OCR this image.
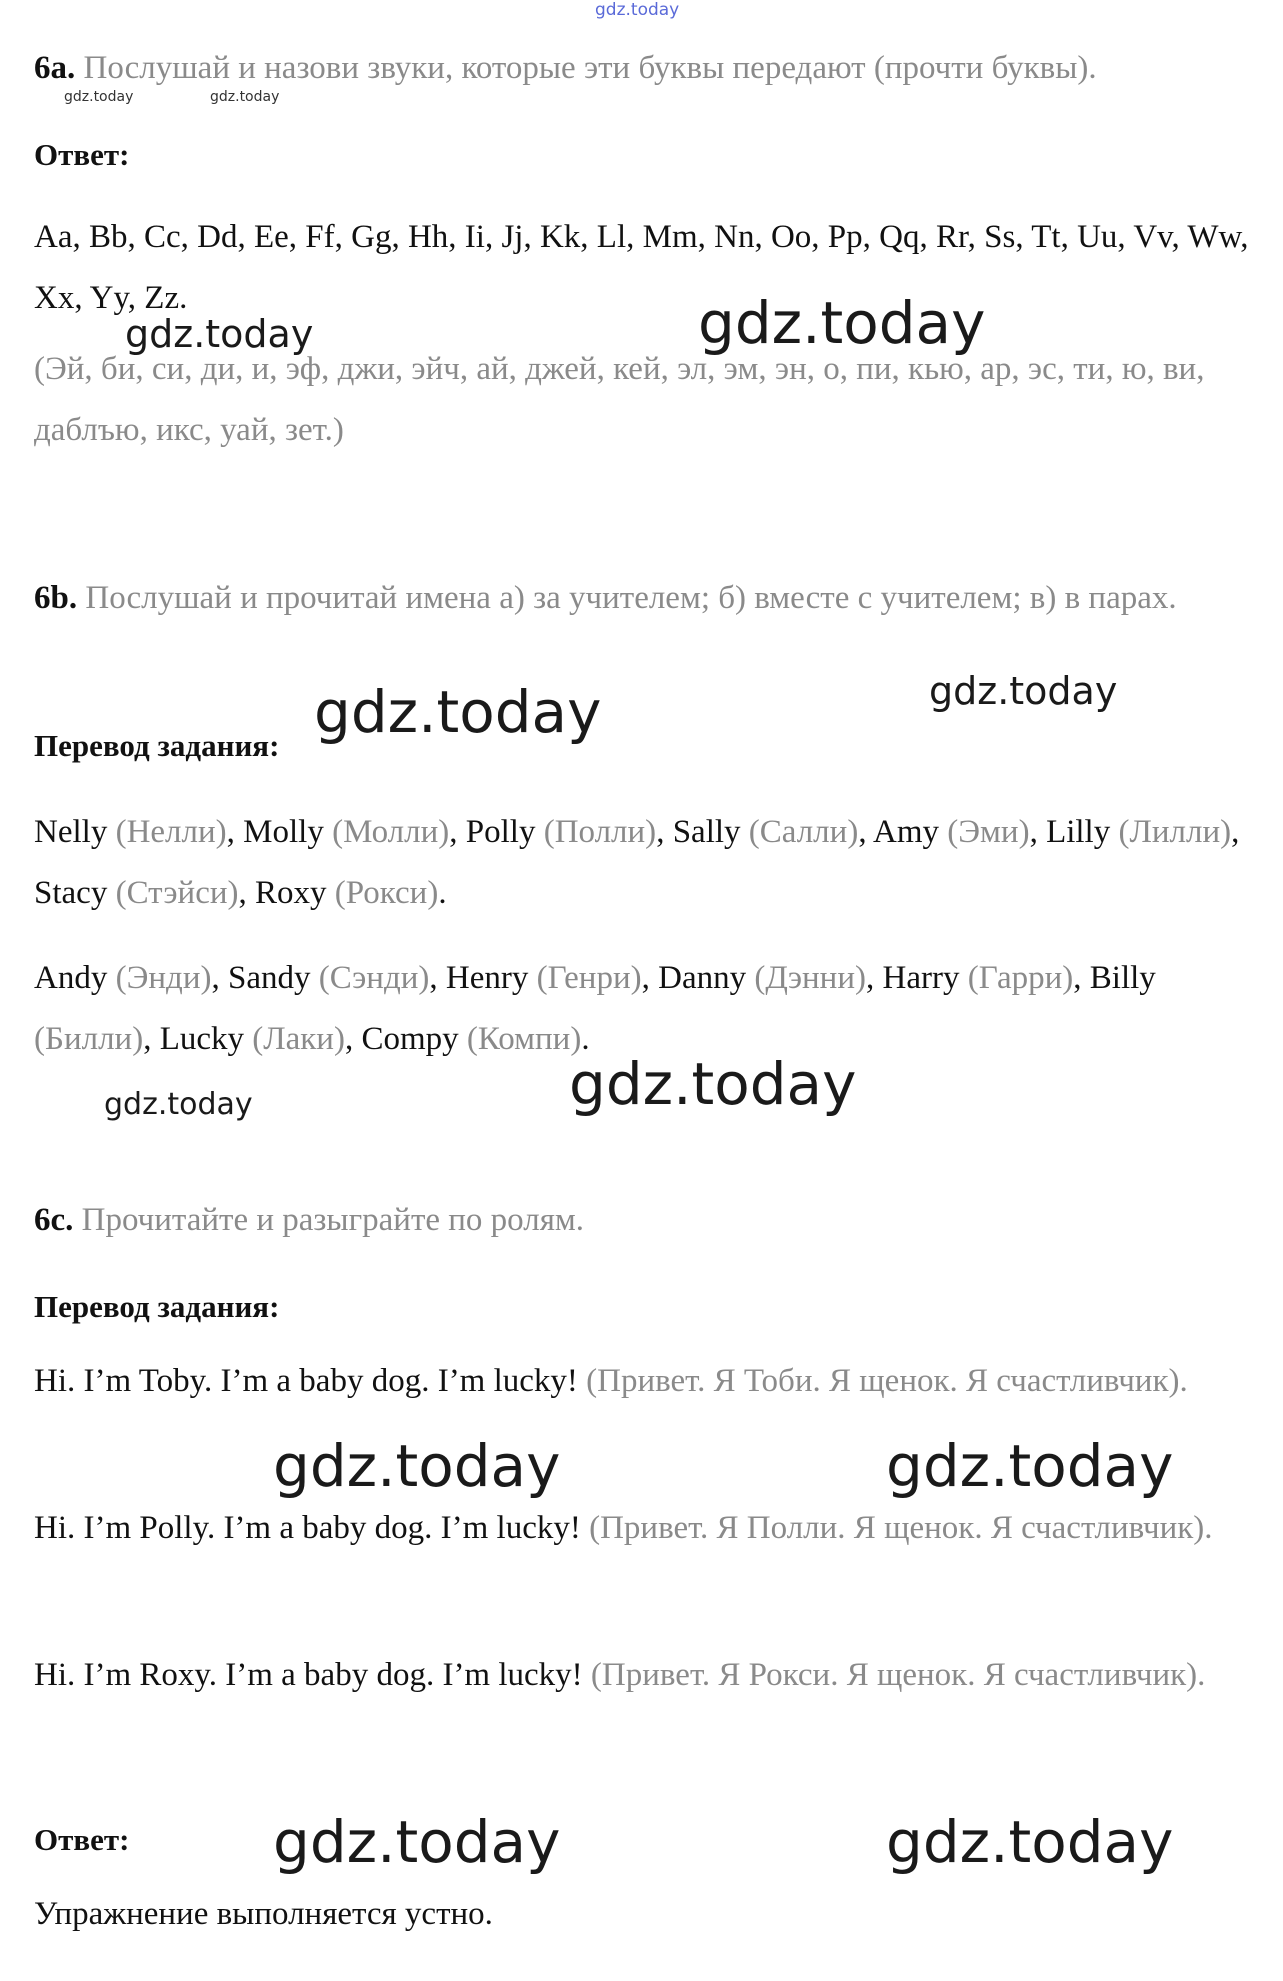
gdz.today
gdz.today	gdz.today
gdz.today	gdz.today
gdz.today	gdz.today
gdz.today
gdz.today
gdz.today	gdz.today
gdz.today	gdz.today

6a. Послушай и назови звуки, которые эти буквы передают (прочти буквы).

Ответ:

Aa, Bb, Cc, Dd, Ee, Ff, Gg, Hh, Ii, Jj, Kk, Ll, Mm, Nn, Oo, Pp, Qq, Rr, Ss, Tt, Uu, Vv, Ww, Xx, Yy, Zz.

(Эй, би, си, ди, и, эф, джи, эйч, ай, джей, кей, эл, эм, эн, о, пи, кью, ар, эс, ти, ю, ви, даблъю, икс, уай, зет.)

6b. Послушай и прочитай имена а) за учителем; б) вместе с учителем; в) в парах.

Перевод задания:

Nelly (Нелли), Molly (Молли), Polly (Полли), Sally (Салли), Amy (Эми), Lilly (Лилли), Stacy (Стэйси), Roxy (Рокси).

Andy (Энди), Sandy (Сэнди), Henry (Генри), Danny (Дэнни), Harry (Гарри), Billy (Билли), Lucky (Лаки), Compy (Компи).

6c. Прочитайте и разыграйте по ролям.

Перевод задания:

Hi. I’m Toby. I’m a baby dog. I’m lucky! (Привет. Я Тоби. Я щенок. Я счастливчик).

Hi. I’m Polly. I’m a baby dog. I’m lucky! (Привет. Я Полли. Я щенок. Я счастливчик).

Hi. I’m Roxy. I’m a baby dog. I’m lucky! (Привет. Я Рокси. Я щенок. Я счастливчик).

Ответ:

Упражнение выполняется устно.
